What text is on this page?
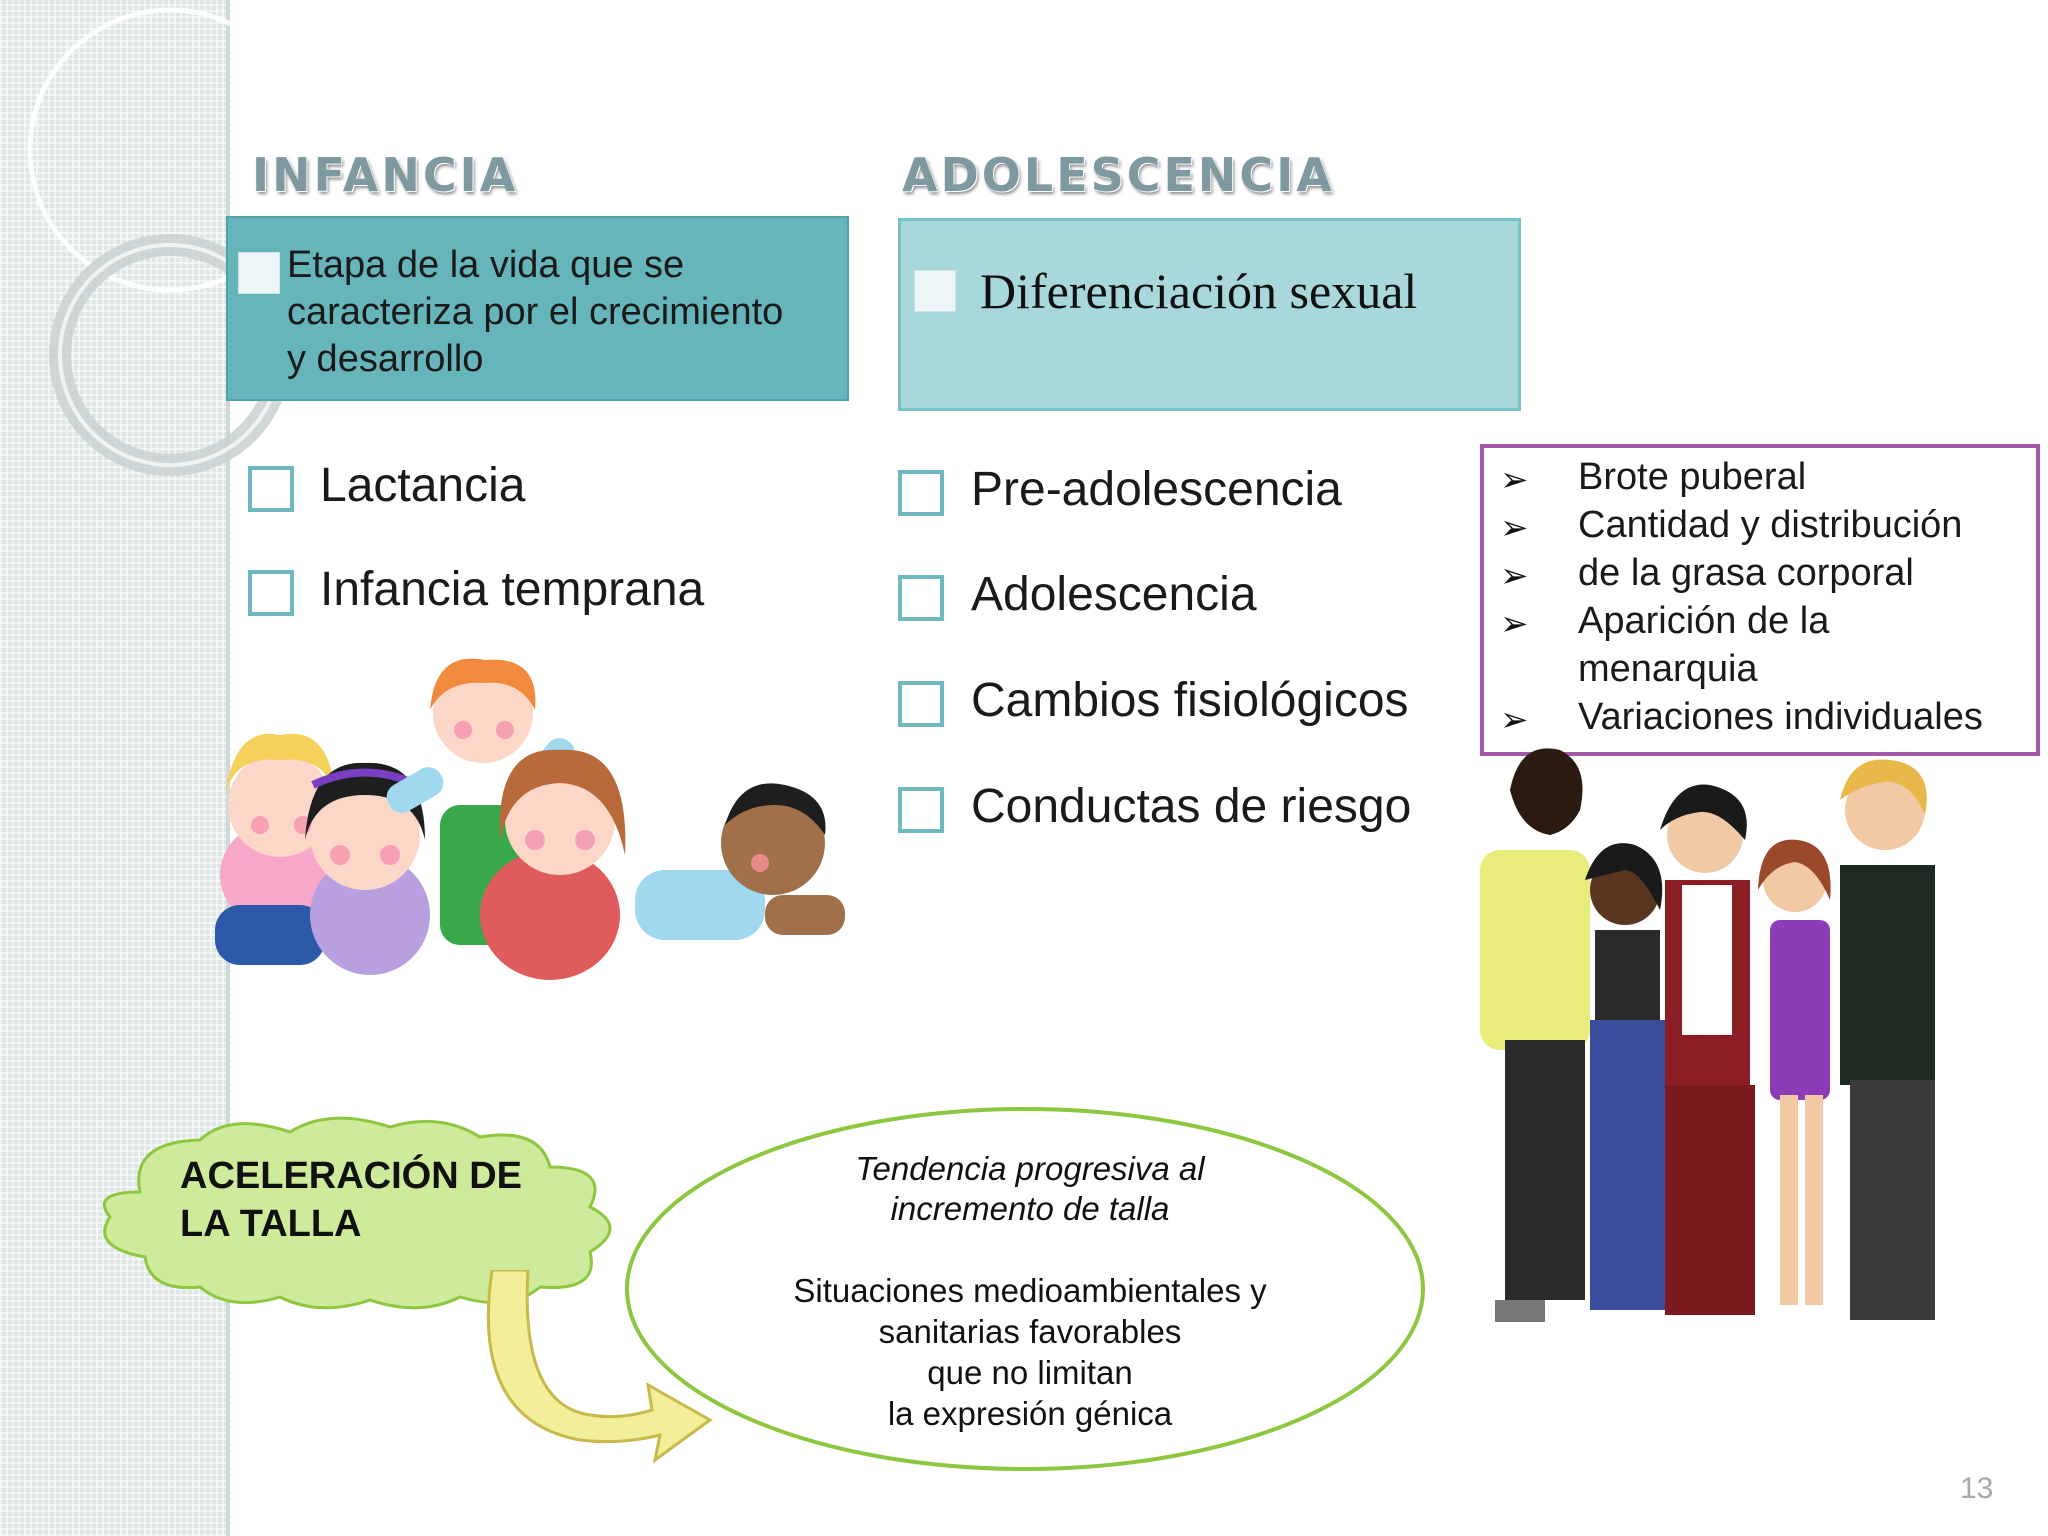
INFANCIA	ADOLESCENCIA
Etapa de la vida que se
caracteriza por el crecimiento
y desarrollo
Diferenciación sexual
Lactancia
Infancia temprana
Pre-adolescencia
Adolescencia
Cambios fisiológicos
Conductas de riesgo
➢ Brote puberal
➢ Cantidad y distribución
➢ de la grasa corporal
➢ Aparición de la
menarquia
➢ Variaciones individuales
ACELERACIÓN DE
LA TALLA
Tendencia progresiva al
incremento de talla
Situaciones medioambientales y
sanitarias favorables
que no limitan
la expresión génica
13
